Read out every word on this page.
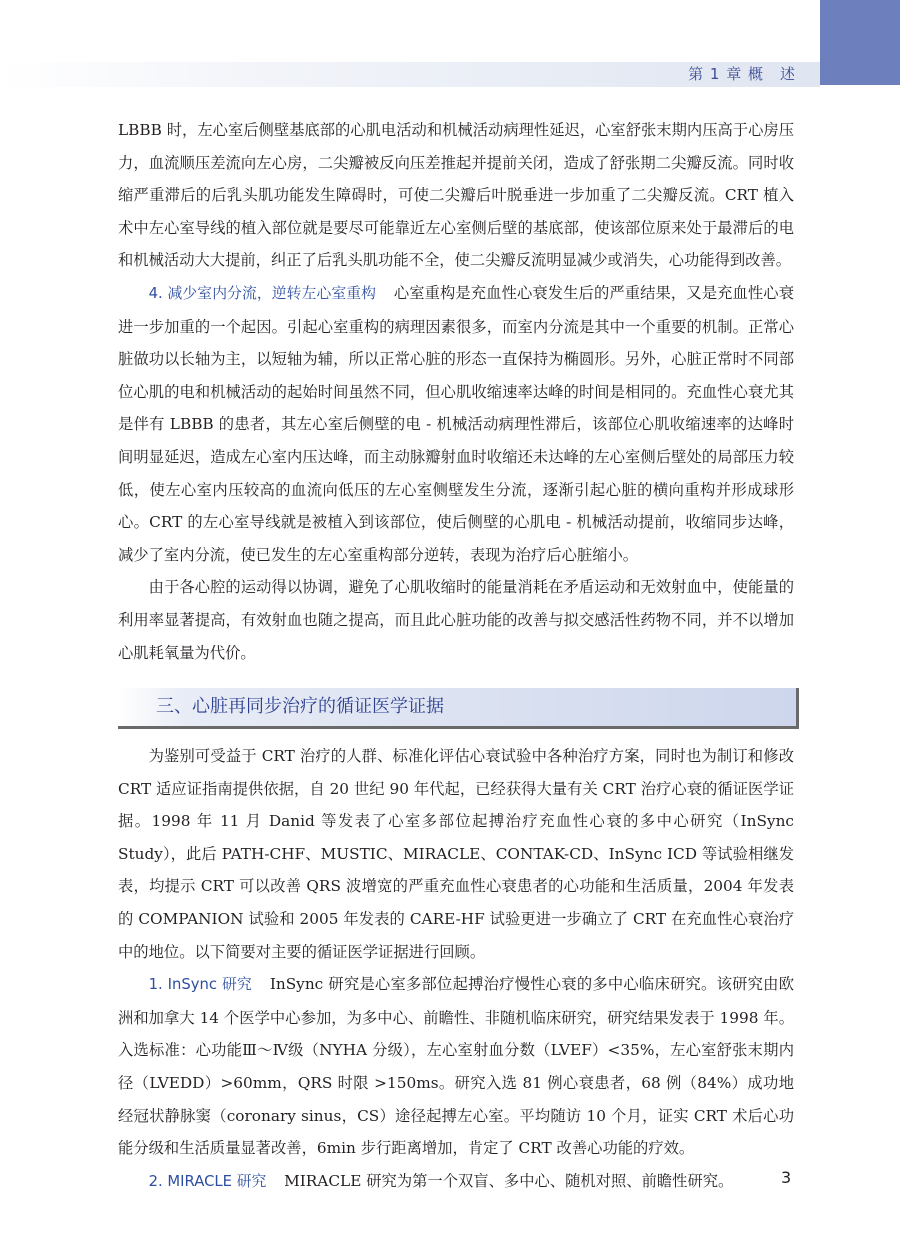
第 1 章 概　述

LBBB 时，左心室后侧壁基底部的心肌电活动和机械活动病理性延迟，心室舒张末期内压高于心房压力，血流顺压差流向左心房，二尖瓣被反向压差推起并提前关闭，造成了舒张期二尖瓣反流。同时收缩严重滞后的后乳头肌功能发生障碍时，可使二尖瓣后叶脱垂进一步加重了二尖瓣反流。CRT 植入术中左心室导线的植入部位就是要尽可能靠近左心室侧后壁的基底部，使该部位原来处于最滞后的电和机械活动大大提前，纠正了后乳头肌功能不全，使二尖瓣反流明显减少或消失，心功能得到改善。

4. 减少室内分流，逆转左心室重构 心室重构是充血性心衰发生后的严重结果，又是充血性心衰进一步加重的一个起因。引起心室重构的病理因素很多，而室内分流是其中一个重要的机制。正常心脏做功以长轴为主，以短轴为辅，所以正常心脏的形态一直保持为椭圆形。另外，心脏正常时不同部位心肌的电和机械活动的起始时间虽然不同，但心肌收缩速率达峰的时间是相同的。充血性心衰尤其是伴有 LBBB 的患者，其左心室后侧壁的电 - 机械活动病理性滞后，该部位心肌收缩速率的达峰时间明显延迟，造成左心室内压达峰，而主动脉瓣射血时收缩还未达峰的左心室侧后壁处的局部压力较低，使左心室内压较高的血流向低压的左心室侧壁发生分流，逐渐引起心脏的横向重构并形成球形心。CRT 的左心室导线就是被植入到该部位，使后侧壁的心肌电 - 机械活动提前，收缩同步达峰，减少了室内分流，使已发生的左心室重构部分逆转，表现为治疗后心脏缩小。

由于各心腔的运动得以协调，避免了心肌收缩时的能量消耗在矛盾运动和无效射血中，使能量的利用率显著提高，有效射血也随之提高，而且此心脏功能的改善与拟交感活性药物不同，并不以增加心肌耗氧量为代价。

三、心脏再同步治疗的循证医学证据

为鉴别可受益于 CRT 治疗的人群、标准化评估心衰试验中各种治疗方案，同时也为制订和修改 CRT 适应证指南提供依据，自 20 世纪 90 年代起，已经获得大量有关 CRT 治疗心衰的循证医学证据。1998 年 11 月 Danid 等发表了心室多部位起搏治疗充血性心衰的多中心研究（InSync Study），此后 PATH-CHF、MUSTIC、MIRACLE、CONTAK-CD、InSync ICD 等试验相继发表，均提示 CRT 可以改善 QRS 波增宽的严重充血性心衰患者的心功能和生活质量，2004 年发表的 COMPANION 试验和 2005 年发表的 CARE-HF 试验更进一步确立了 CRT 在充血性心衰治疗中的地位。以下简要对主要的循证医学证据进行回顾。

1. InSync 研究 InSync 研究是心室多部位起搏治疗慢性心衰的多中心临床研究。该研究由欧洲和加拿大 14 个医学中心参加，为多中心、前瞻性、非随机临床研究，研究结果发表于 1998 年。入选标准：心功能Ⅲ～Ⅳ级（NYHA 分级），左心室射血分数（LVEF）<35%，左心室舒张末期内径（LVEDD）>60mm，QRS 时限 >150ms。研究入选 81 例心衰患者，68 例（84%）成功地经冠状静脉窦（coronary sinus，CS）途径起搏左心室。平均随访 10 个月，证实 CRT 术后心功能分级和生活质量显著改善，6min 步行距离增加，肯定了 CRT 改善心功能的疗效。

2. MIRACLE 研究 MIRACLE 研究为第一个双盲、多中心、随机对照、前瞻性研究。	3
